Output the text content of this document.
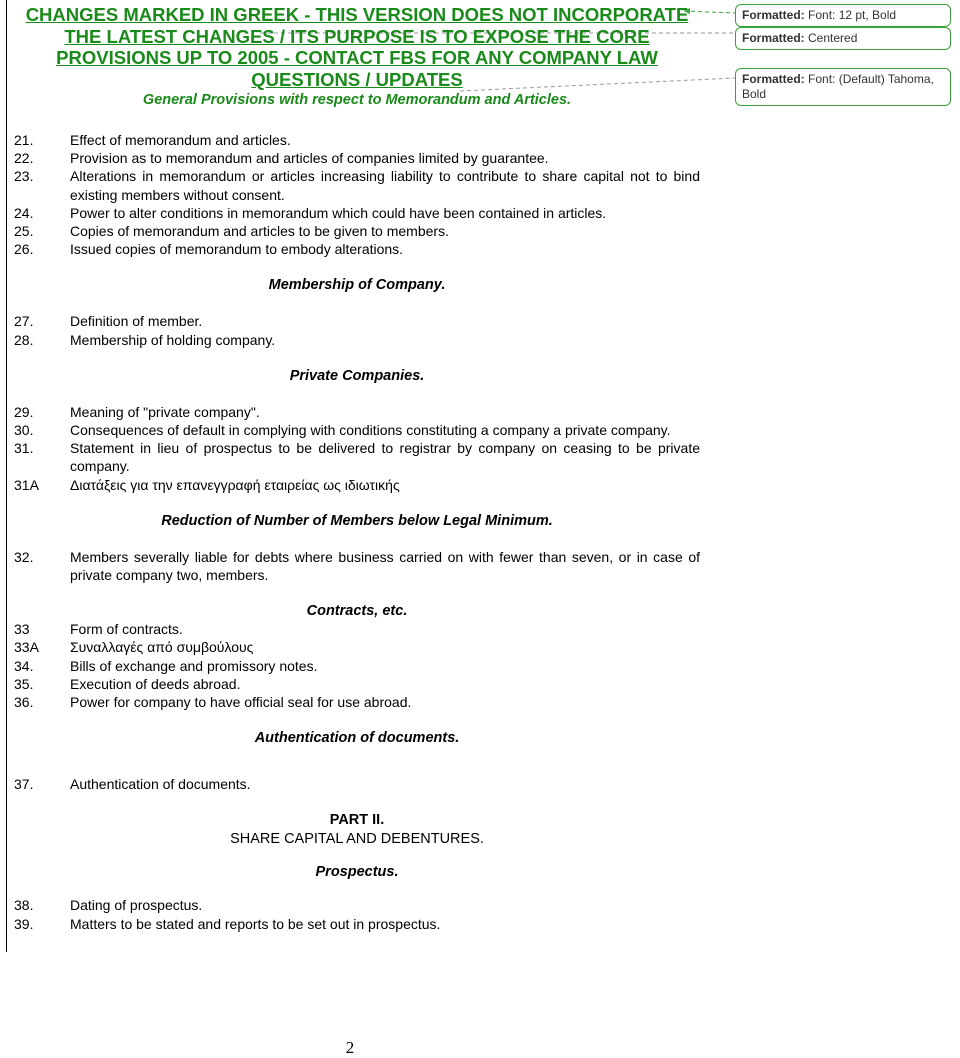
Formatted: Font: 12 pt, Bold
Formatted: Centered
Formatted: Font: (Default) Tahoma, Bold
CHANGES MARKED IN GREEK - THIS VERSION DOES NOT INCORPORATE
THE LATEST CHANGES / ITS PURPOSE IS TO EXPOSE THE CORE
PROVISIONS UP TO 2005 - CONTACT FBS FOR ANY COMPANY LAW
QUESTIONS / UPDATES
General Provisions with respect to Memorandum and Articles.
21.	Effect of memorandum and articles.
22.	Provision as to memorandum and articles of companies limited by guarantee.
23.	Alterations in memorandum or articles increasing liability to contribute to share capital not to bind existing members without consent.
24.	Power to alter conditions in memorandum which could have been contained in articles.
25.	Copies of memorandum and articles to be given to members.
26.	Issued copies of memorandum to embody alterations.
Membership of Company.
27.	Definition of member.
28.	Membership of holding company.
Private Companies.
29.	Meaning of "private company".
30.	Consequences of default in complying with conditions constituting a company a private company.
31.	Statement in lieu of prospectus to be delivered to registrar by company on ceasing to be private company.
31A	Διατάξεις για την επανεγγραφή εταιρείας ως ιδιωτικής
Reduction of Number of Members below Legal Minimum.
32.	Members severally liable for debts where business carried on with fewer than seven, or in case of private company two, members.
Contracts, etc.
33	Form of contracts.
33A	Συναλλαγές από συμβούλους
34.	Bills of exchange and promissory notes.
35.	Execution of deeds abroad.
36.	Power for company to have official seal for use abroad.
Authentication of documents.
37.	Authentication of documents.
PART II.
SHARE CAPITAL AND DEBENTURES.
Prospectus.
38.	Dating of prospectus.
39.	Matters to be stated and reports to be set out in prospectus.
2
